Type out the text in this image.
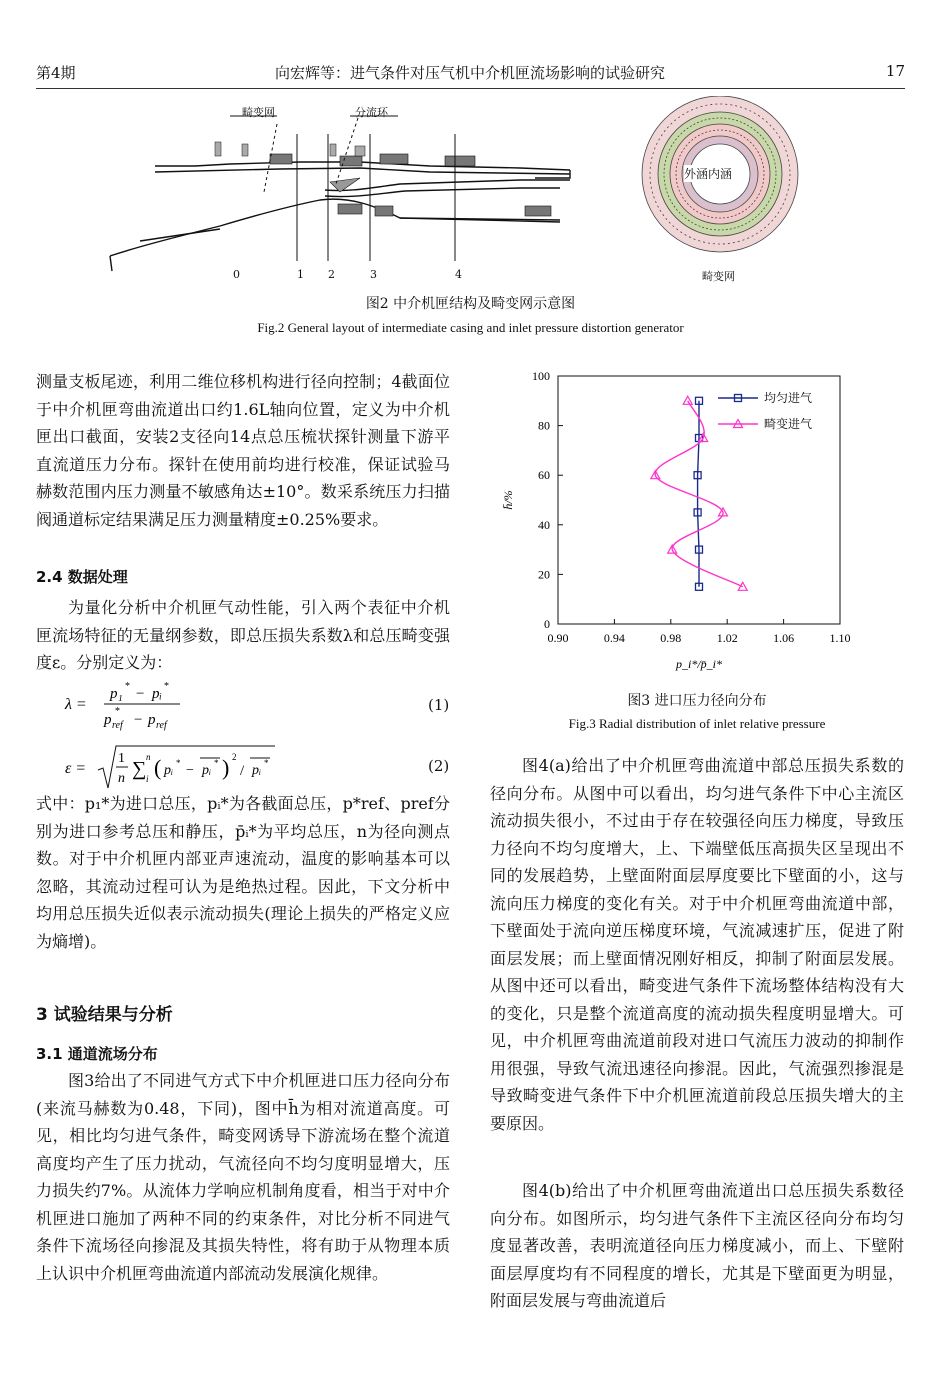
第4期	向宏辉等：进气条件对压气机中介机匣流场影响的试验研究	17
畸变网	分流环
外涵内涵
畸变网
0	1 2	3	4
图2 中介机匣结构及畸变网示意图
Fig.2 General layout of intermediate casing and inlet pressure distortion generator

测量支板尾迹，利用二维位移机构进行径向控制；4截面位于中介机匣弯曲流道出口约1.6L轴向位置，定义为中介机匣出口截面，安装2支径向14点总压梳状探针测量下游平直流道压力分布。探针在使用前均进行校准，保证试验马赫数范围内压力测量不敏感角达±10°。数采系统压力扫描阀通道标定结果满足压力测量精度±0.25%要求。

2.4 数据处理

为量化分析中介机匣气动性能，引入两个表征中介机匣流场特征的无量纲参数，即总压损失系数λ和总压畸变强度ε。分别定义为：

λ =
p₁ * − pᵢ *
p ref
*
− p ref
(1)
ε =
1
n ∑
n
i ( pᵢ * − pᵢ * ) 2
/ pᵢ *	(2)

式中：p₁*为进口总压，pᵢ*为各截面总压，p*ref、pref分别为进口参考总压和静压，p̄ᵢ*为平均总压，n为径向测点数。对于中介机匣内部亚声速流动，温度的影响基本可以忽略，其流动过程可认为是绝热过程。因此，下文分析中均用总压损失近似表示流动损失(理论上损失的严格定义应为熵增)。

3 试验结果与分析
3.1 通道流场分布

图3给出了不同进气方式下中介机匣进口压力径向分布(来流马赫数为0.48，下同)，图中h̄为相对流道高度。可见，相比均匀进气条件，畸变网诱导下游流场在整个流道高度均产生了压力扰动，气流径向不均匀度明显增大，压力损失约7%。从流体力学响应机制角度看，相当于对中介机匣进口施加了两种不同的约束条件，对比分析不同进气条件下流场径向掺混及其损失特性，将有助于从物理本质上认识中介机匣弯曲流道内部流动发展演化规律。

0.90	0.94	0.98	1.02	1.06	1.10
0
20
40
60
80
100
p_i*/p̄_i*
h̄/%
均匀进气
畸变进气
图3 进口压力径向分布
Fig.3 Radial distribution of inlet relative pressure

图4(a)给出了中介机匣弯曲流道中部总压损失系数的径向分布。从图中可以看出，均匀进气条件下中心主流区流动损失很小，不过由于存在较强径向压力梯度，导致压力径向不均匀度增大，上、下端壁低压高损失区呈现出不同的发展趋势，上壁面附面层厚度要比下壁面的小，这与流向压力梯度的变化有关。对于中介机匣弯曲流道中部，下壁面处于流向逆压梯度环境，气流减速扩压，促进了附面层发展；而上壁面情况刚好相反，抑制了附面层发展。从图中还可以看出，畸变进气条件下流场整体结构没有大的变化，只是整个流道高度的流动损失程度明显增大。可见，中介机匣弯曲流道前段对进口气流压力波动的抑制作用很强，导致气流迅速径向掺混。因此，气流强烈掺混是导致畸变进气条件下中介机匣流道前段总压损失增大的主要原因。

图4(b)给出了中介机匣弯曲流道出口总压损失系数径向分布。如图所示，均匀进气条件下主流区径向分布均匀度显著改善，表明流道径向压力梯度减小，而上、下壁附面层厚度均有不同程度的增长，尤其是下壁面更为明显，附面层发展与弯曲流道后
